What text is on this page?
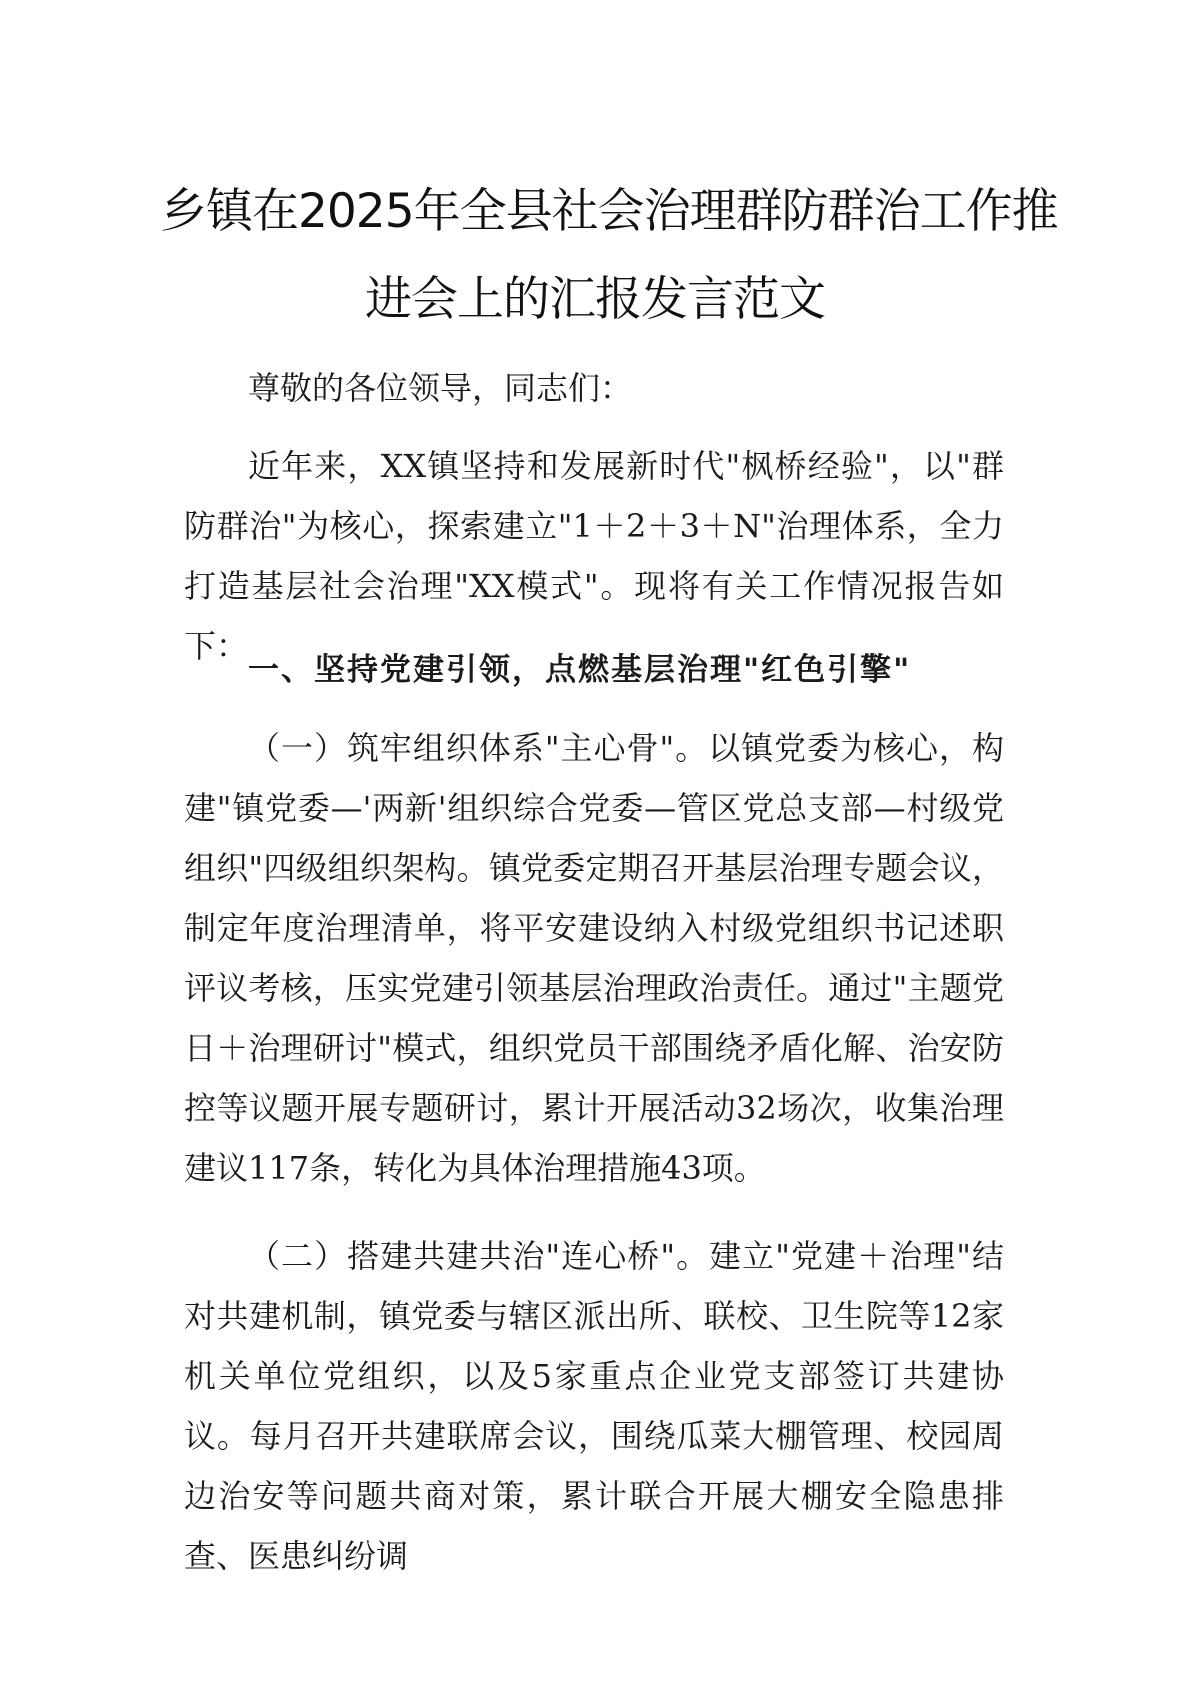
乡镇在2025年全县社会治理群防群治工作推
进会上的汇报发言范文

尊敬的各位领导，同志们：

近年来，XX镇坚持和发展新时代"枫桥经验"，以"群防群治"为核心，探索建立"1＋2＋3＋N"治理体系，全力打造基层社会治理"XX模式"。现将有关工作情况报告如下：

一、坚持党建引领，点燃基层治理"红色引擎"

（一）筑牢组织体系"主心骨"。以镇党委为核心，构建"镇党委—'两新'组织综合党委—管区党总支部—村级党组织"四级组织架构。镇党委定期召开基层治理专题会议，制定年度治理清单，将平安建设纳入村级党组织书记述职评议考核，压实党建引领基层治理政治责任。通过"主题党日＋治理研讨"模式，组织党员干部围绕矛盾化解、治安防控等议题开展专题研讨，累计开展活动32场次，收集治理建议117条，转化为具体治理措施43项。

（二）搭建共建共治"连心桥"。建立"党建＋治理"结对共建机制，镇党委与辖区派出所、联校、卫生院等12家机关单位党组织，以及5家重点企业党支部签订共建协议。每月召开共建联席会议，围绕瓜菜大棚管理、校园周边治安等问题共商对策，累计联合开展大棚安全隐患排查、医患纠纷调
